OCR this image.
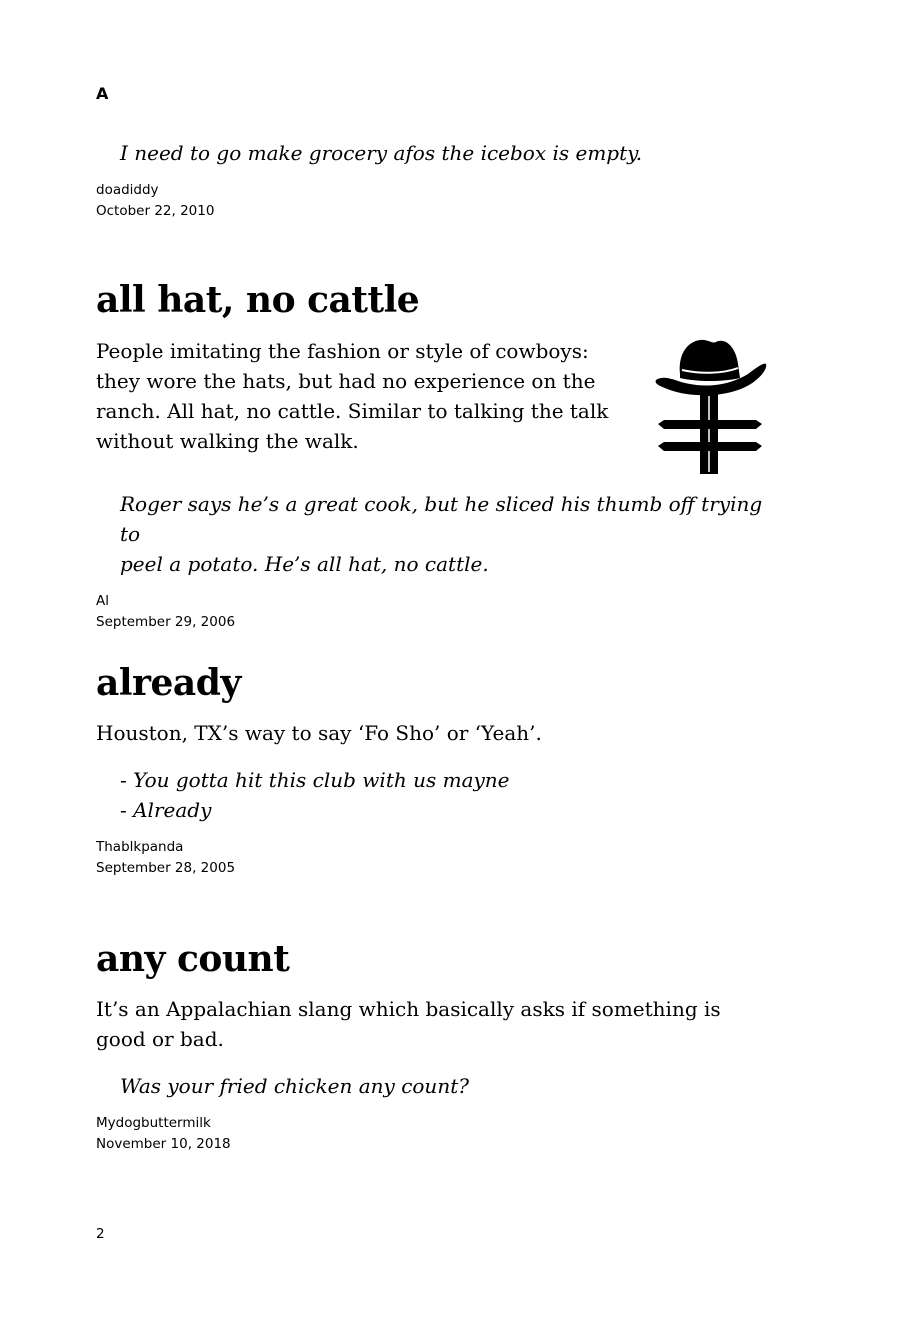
A

I need to go make grocery afos the icebox is empty.

doadiddy
October 22, 2010
all hat, no cattle

People imitating the fashion or style of cowboys: they wore the hats, but had no experience on the ranch. All hat, no cattle. Similar to talking the talk without walking the walk.

Roger says he’s a great cook, but he sliced his thumb off trying to
peel a potato. He’s all hat, no cattle.

Al
September 29, 2006
already

Houston, TX’s way to say ‘Fo Sho’ or ‘Yeah’.

- You gotta hit this club with us mayne
- Already

Thablkpanda
September 28, 2005
any count

It’s an Appalachian slang which basically asks if something is good or bad.

Was your fried chicken any count?

Mydogbuttermilk
November 10, 2018
2
